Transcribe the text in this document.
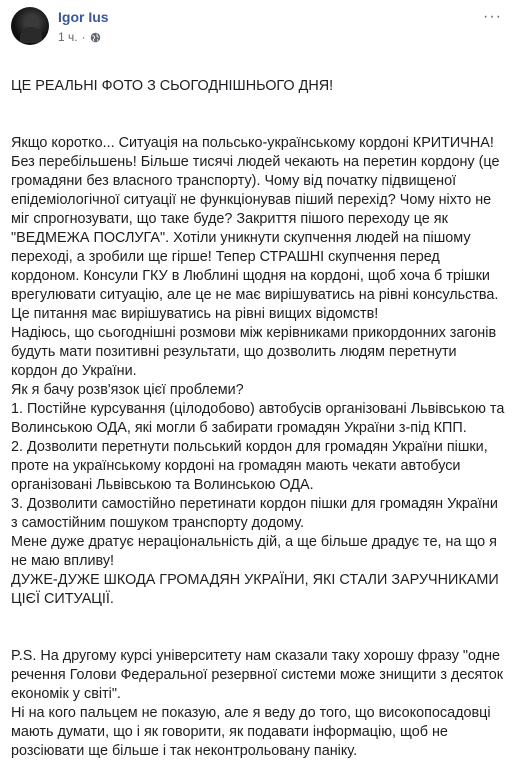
Igor Ius
1 ч. ·
···

ЦЕ РЕАЛЬНІ ФОТО З СЬОГОДНІШНЬОГО ДНЯ!

Якщо коротко... Ситуація на польсько-українському кордоні КРИТИЧНА!
Без перебільшень! Більше тисячі людей чекають на перетин кордону (це громадяни без власного транспорту). Чому від початку підвищеної епідеміологічної ситуації не функціонував піший перехід? Чому ніхто не міг спрогнозувати, що таке буде? Закриття пішого переходу це як "ВЕДМЕЖА ПОСЛУГА". Хотіли уникнути скупчення людей на пішому переході, а зробили ще гірше! Тепер СТРАШНІ скупчення перед кордоном. Консули ГКУ в Люблині щодня на кордоні, щоб хоча б трішки врегулювати ситуацію, але це не має вирішуватись на рівні консульства. Це питання має вирішуватись на рівні вищих відомств!
Надіюсь, що сьогоднішні розмови між керівниками прикордонних загонів будуть мати позитивні результати, що дозволить людям перетнути кордон до України.
Як я бачу розв'язок цієї проблеми?
1. Постійне курсування (цілодобово) автобусів організовані Львівською та Волинською ОДА, які могли б забирати громадян України з-під КПП.
2. Дозволити перетнути польський кордон для громадян України пішки, проте на українському кордоні на громадян мають чекати автобуси організовані Львівською та Волинською ОДА.
3. Дозволити самостійно перетинати кордон пішки для громадян України з самостійним пошуком транспорту додому.
Мене дуже дратує нераціональність дій, а ще більше драдує те, на що я не маю впливу!
ДУЖЕ-ДУЖЕ ШКОДА ГРОМАДЯН УКРАЇНИ, ЯКІ СТАЛИ ЗАРУЧНИКАМИ ЦІЄЇ СИТУАЦІЇ.

P.S. На другому курсі університету нам сказали таку хорошу фразу "одне речення Голови Федеральної резервної системи може знищити з десяток економік у світі".
Ні на кого пальцем не показую, але я веду до того, що високопосадовці мають думати, що і як говорити, як подавати інформацію, щоб не розсіювати ще більше і так неконтрольовану паніку.
